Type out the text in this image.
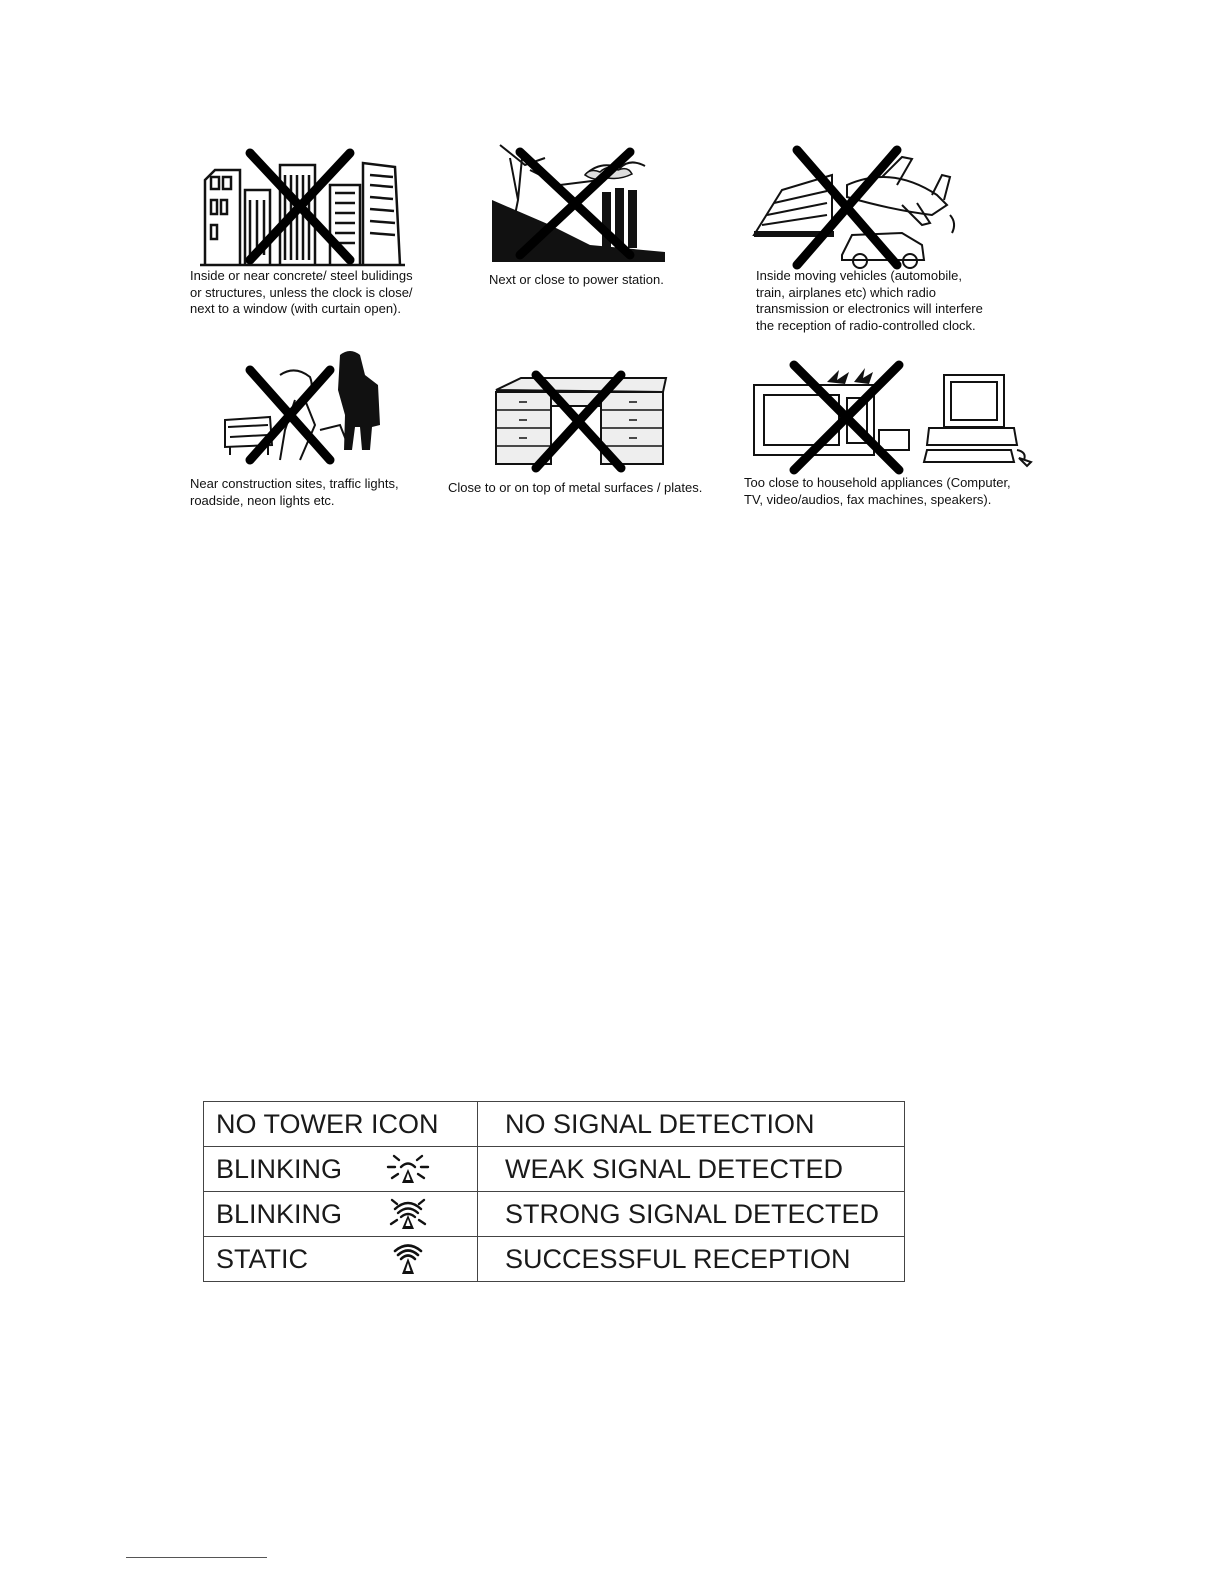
Inside or near concrete/ steel bulidings
or structures, unless the clock is close/
next to a window (with curtain open).
Next or close to power station.	Inside moving vehicles (automobile,
train, airplanes etc) which radio
transmission or electronics will interfere
the reception of radio-controlled clock.
Near construction sites, traffic lights,
roadside, neon lights etc.
Close to or on top of metal surfaces / plates.	Too close to household appliances (Computer,
TV, video/audios, fax machines, speakers).
NO TOWER ICON	NO SIGNAL DETECTION
BLINKING	WEAK SIGNAL DETECTED
BLINKING	STRONG SIGNAL DETECTED
STATIC	SUCCESSFUL RECEPTION
